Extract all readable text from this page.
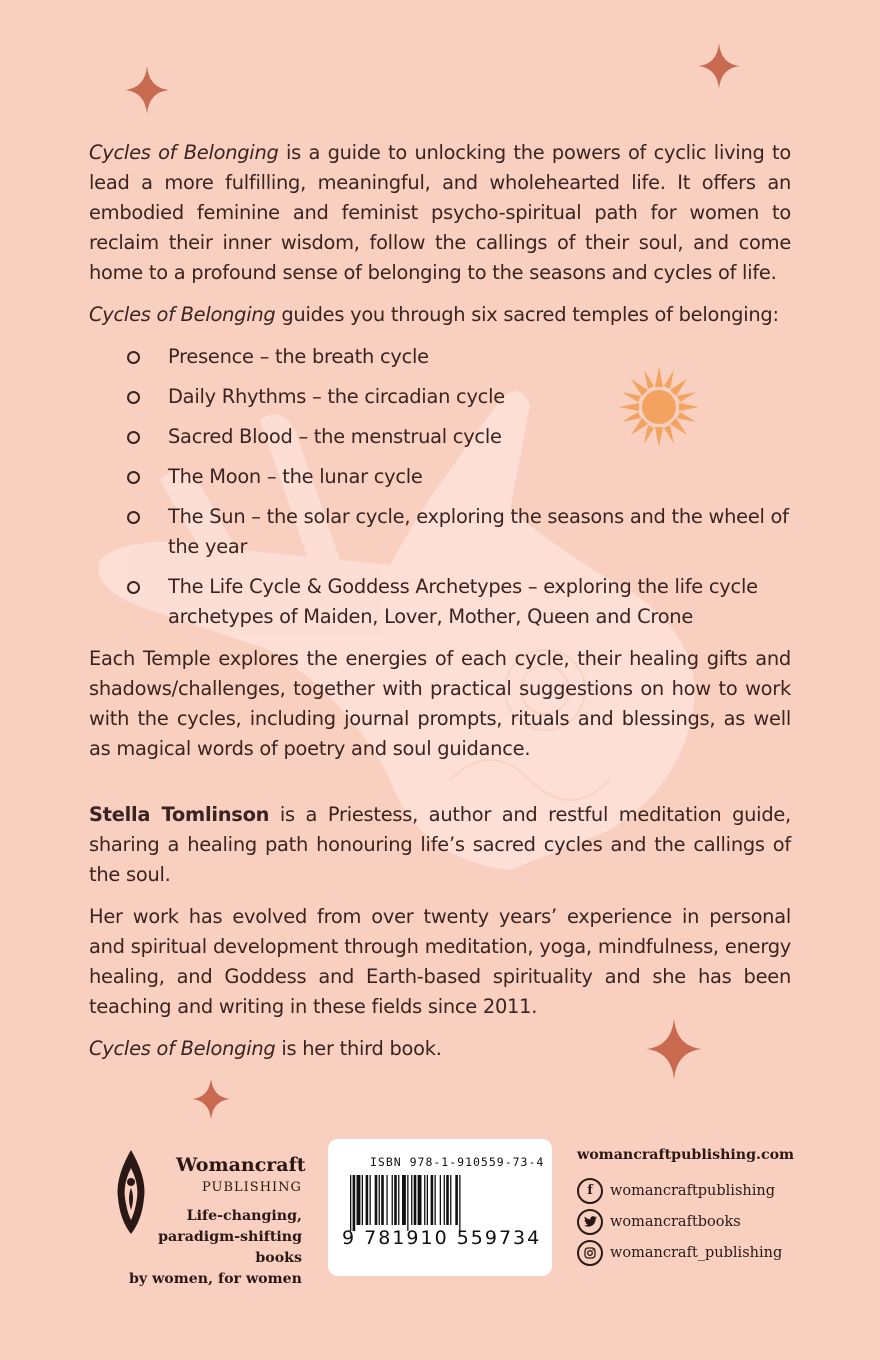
Cycles of Belonging is a guide to unlocking the powers of cyclic living to lead a more fulfilling, meaningful, and wholehearted life. It offers an embodied feminine and feminist psycho-spiritual path for women to reclaim their inner wisdom, follow the callings of their soul, and come home to a profound sense of belonging to the seasons and cycles of life.

Cycles of Belonging guides you through six sacred temples of belonging:

Presence – the breath cycle
Daily Rhythms – the circadian cycle
Sacred Blood – the menstrual cycle
The Moon – the lunar cycle
The Sun – the solar cycle, exploring the seasons and the wheel of the year
The Life Cycle & Goddess Archetypes – exploring the life cycle archetypes of Maiden, Lover, Mother, Queen and Crone

Each Temple explores the energies of each cycle, their healing gifts and shadows/challenges, together with practical suggestions on how to work with the cycles, including journal prompts, rituals and blessings, as well as magical words of poetry and soul guidance.

Stella Tomlinson is a Priestess, author and restful meditation guide, sharing a healing path honouring life’s sacred cycles and the callings of the soul.

Her work has evolved from over twenty years’ experience in personal and spiritual development through meditation, yoga, mindfulness, energy healing, and Goddess and Earth-based spirituality and she has been teaching and writing in these fields since 2011.

Cycles of Belonging is her third book.

Womancraft
PUBLISHING
Life-changing,
paradigm-shifting books
by women, for women
ISBN 978-1-910559-73-4
9 781910 559734
womancraftpublishing.com
f	womancraftpublishing
womancraftbooks
womancraft_publishing
